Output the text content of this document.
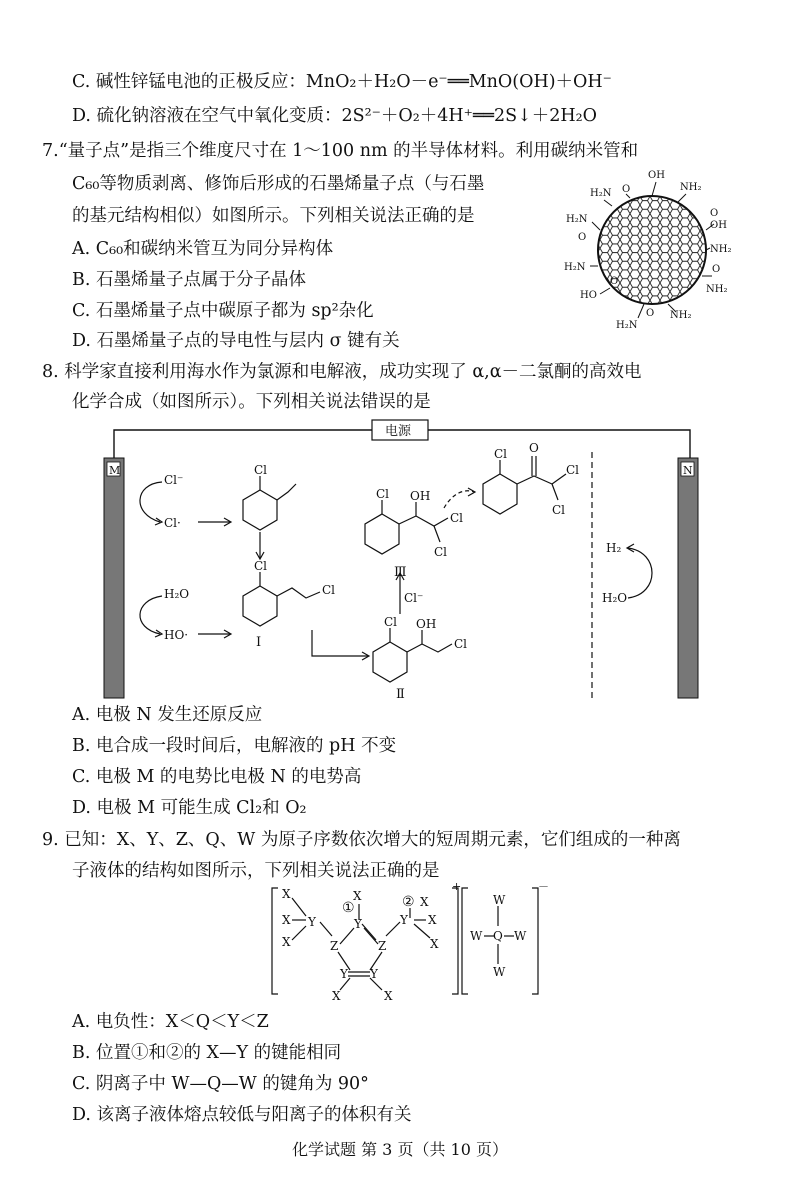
C. 碱性锌锰电池的正极反应：MnO₂＋H₂O－e⁻══MnO(OH)＋OH⁻
D. 硫化钠溶液在空气中氧化变质：2S²⁻＋O₂＋4H⁺══2S↓＋2H₂O
7.“量子点”是指三个维度尺寸在 1～100 nm 的半导体材料。利用碳纳米管和
C₆₀等物质剥离、修饰后形成的石墨烯量子点（与石墨
的基元结构相似）如图所示。下列相关说法正确的是
A. C₆₀和碳纳米管互为同分异构体
B. 石墨烯量子点属于分子晶体
C. 石墨烯量子点中碳原子都为 sp²杂化
D. 石墨烯量子点的导电性与层内 σ 键有关
H₂N O
OH
NH₂
H₂N
O
O
OH
NH₂
H₂N	O
NH₂
HO
O
H₂N
O NH₂
8. 科学家直接利用海水作为氯源和电解液，成功实现了 α,α－二氯酮的高效电
化学合成（如图所示）。下列相关说法错误的是
电源
M	N
Cl⁻
Cl·
H₂O
HO·
Cl
Cl
Cl
Ⅰ
Cl OH
Cl
Ⅱ
Cl⁻
Ⅲ
Cl OH
Cl
Cl
Cl O
Cl
Cl
H₂
H₂O
A. 电极 N 发生还原反应
B. 电合成一段时间后，电解液的 pH 不变
C. 电极 M 的电势比电极 N 的电势高
D. 电极 M 可能生成 Cl₂和 O₂
9. 已知：X、Y、Z、Q、W 为原子序数依次增大的短周期元素，它们组成的一种离
子液体的结构如图所示，下列相关说法正确的是
X
X
X
Y
X
①
Y
Z	Z
Y Y
X	X
Y
② X
X
X
+
W
W Q W
W
－
A. 电负性：X＜Q＜Y＜Z
B. 位置①和②的 X—Y 的键能相同
C. 阴离子中 W—Q—W 的键角为 90°
D. 该离子液体熔点较低与阳离子的体积有关
化学试题 第 3 页（共 10 页）
